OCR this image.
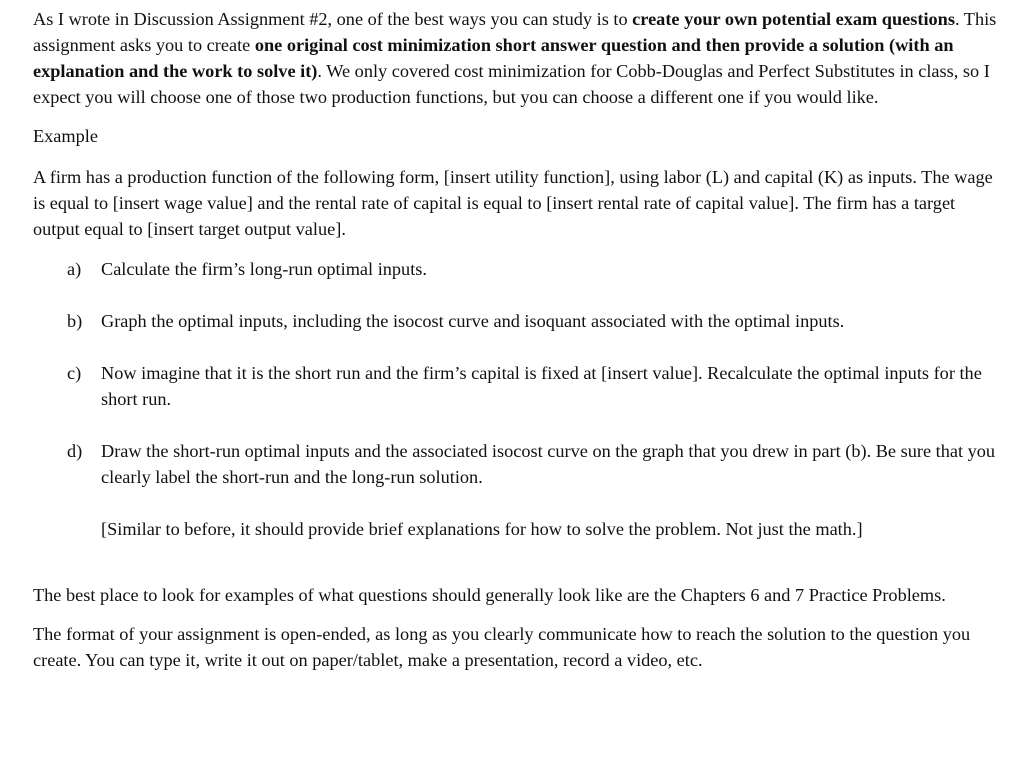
As I wrote in Discussion Assignment #2, one of the best ways you can study is to create your own potential exam questions. This assignment asks you to create one original cost minimization short answer question and then provide a solution (with an explanation and the work to solve it). We only covered cost minimization for Cobb-Douglas and Perfect Substitutes in class, so I expect you will choose one of those two production functions, but you can choose a different one if you would like.

Example

A firm has a production function of the following form, [insert utility function], using labor (L) and capital (K) as inputs. The wage is equal to [insert wage value] and the rental rate of capital is equal to [insert rental rate of capital value]. The firm has a target output equal to [insert target output value].

a) Calculate the firm’s long-run optimal inputs.
b) Graph the optimal inputs, including the isocost curve and isoquant associated with the optimal inputs.
c) Now imagine that it is the short run and the firm’s capital is fixed at [insert value]. Recalculate the optimal inputs for the short run.
d) Draw the short-run optimal inputs and the associated isocost curve on the graph that you drew in part (b). Be sure that you clearly label the short-run and the long-run solution.

[Similar to before, it should provide brief explanations for how to solve the problem. Not just the math.]

The best place to look for examples of what questions should generally look like are the Chapters 6 and 7 Practice Problems.

The format of your assignment is open-ended, as long as you clearly communicate how to reach the solution to the question you create. You can type it, write it out on paper/tablet, make a presentation, record a video, etc.
